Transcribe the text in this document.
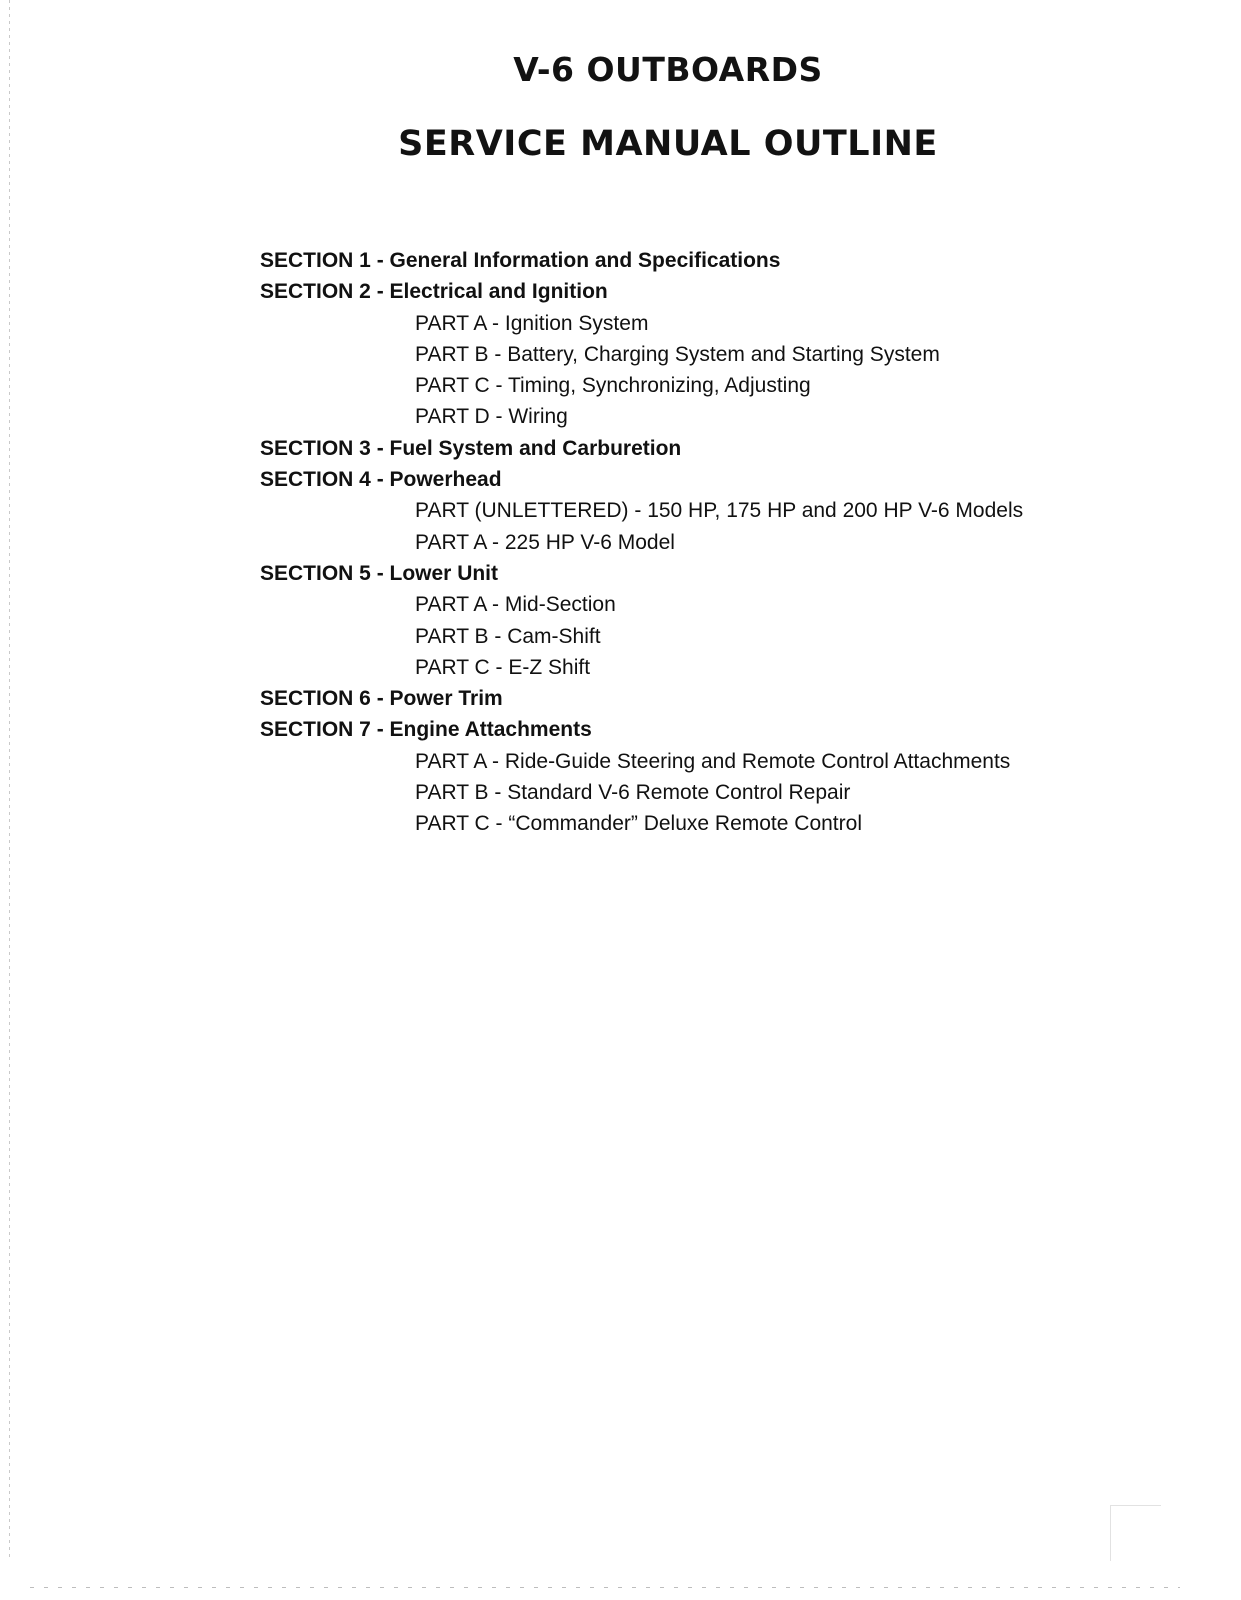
V-6 OUTBOARDS
SERVICE MANUAL OUTLINE
SECTION 1 - General Information and Specifications
SECTION 2 - Electrical and Ignition
PART A - Ignition System
PART B - Battery, Charging System and Starting System
PART C - Timing, Synchronizing, Adjusting
PART D - Wiring
SECTION 3 - Fuel System and Carburetion
SECTION 4 - Powerhead
PART (UNLETTERED) - 150 HP, 175 HP and 200 HP V-6 Models
PART A - 225 HP V-6 Model
SECTION 5 - Lower Unit
PART A - Mid-Section
PART B - Cam-Shift
PART C - E-Z Shift
SECTION 6 - Power Trim
SECTION 7 - Engine Attachments
PART A - Ride-Guide Steering and Remote Control Attachments
PART B - Standard V-6 Remote Control Repair
PART C - “Commander” Deluxe Remote Control
